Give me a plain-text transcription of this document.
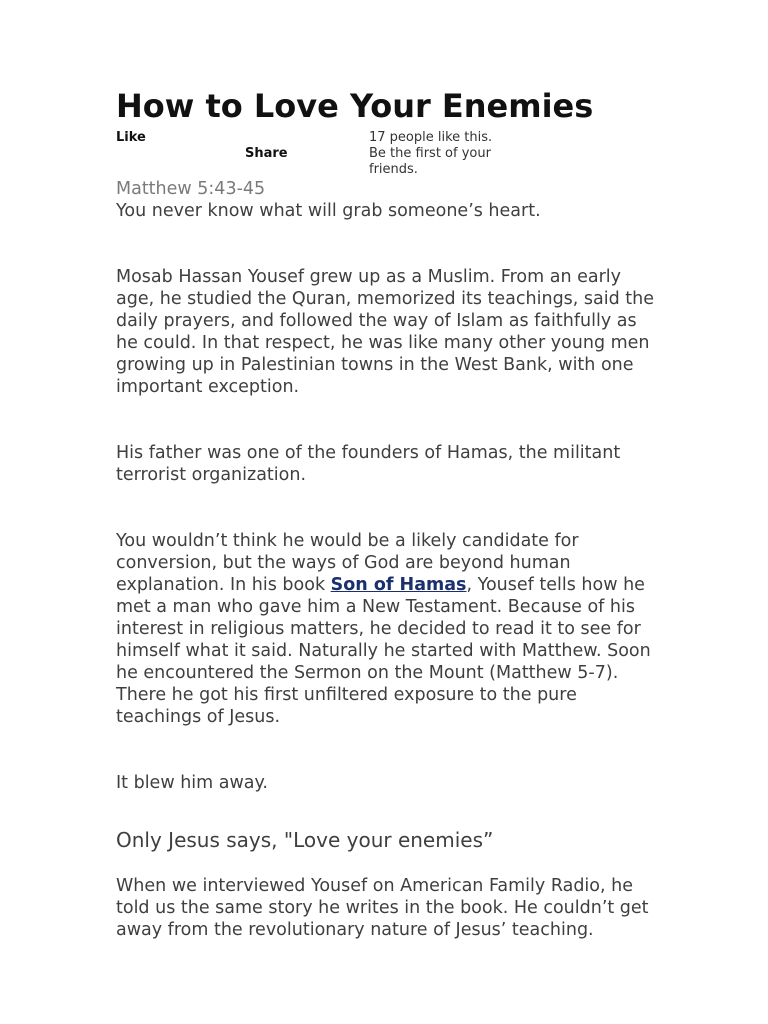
How to Love Your Enemies
Like
Share
17 people like this. Be the first of your friends.

Matthew 5:43-45

You never know what will grab someone’s heart.

Mosab Hassan Yousef grew up as a Muslim. From an early age, he studied the Quran, memorized its teachings, said the daily prayers, and followed the way of Islam as faithfully as he could. In that respect, he was like many other young men growing up in Palestinian towns in the West Bank, with one important exception.

His father was one of the founders of Hamas, the militant terrorist organization.

You wouldn’t think he would be a likely candidate for conversion, but the ways of God are beyond human explanation. In his book Son of Hamas, Yousef tells how he met a man who gave him a New Testament. Because of his interest in religious matters, he decided to read it to see for himself what it said. Naturally he started with Matthew. Soon he encountered the Sermon on the Mount (Matthew 5-7). There he got his first unfiltered exposure to the pure teachings of Jesus.

It blew him away.

Only Jesus says, "Love your enemies”

When we interviewed Yousef on American Family Radio, he told us the same story he writes in the book. He couldn’t get away from the revolutionary nature of Jesus’ teaching.
